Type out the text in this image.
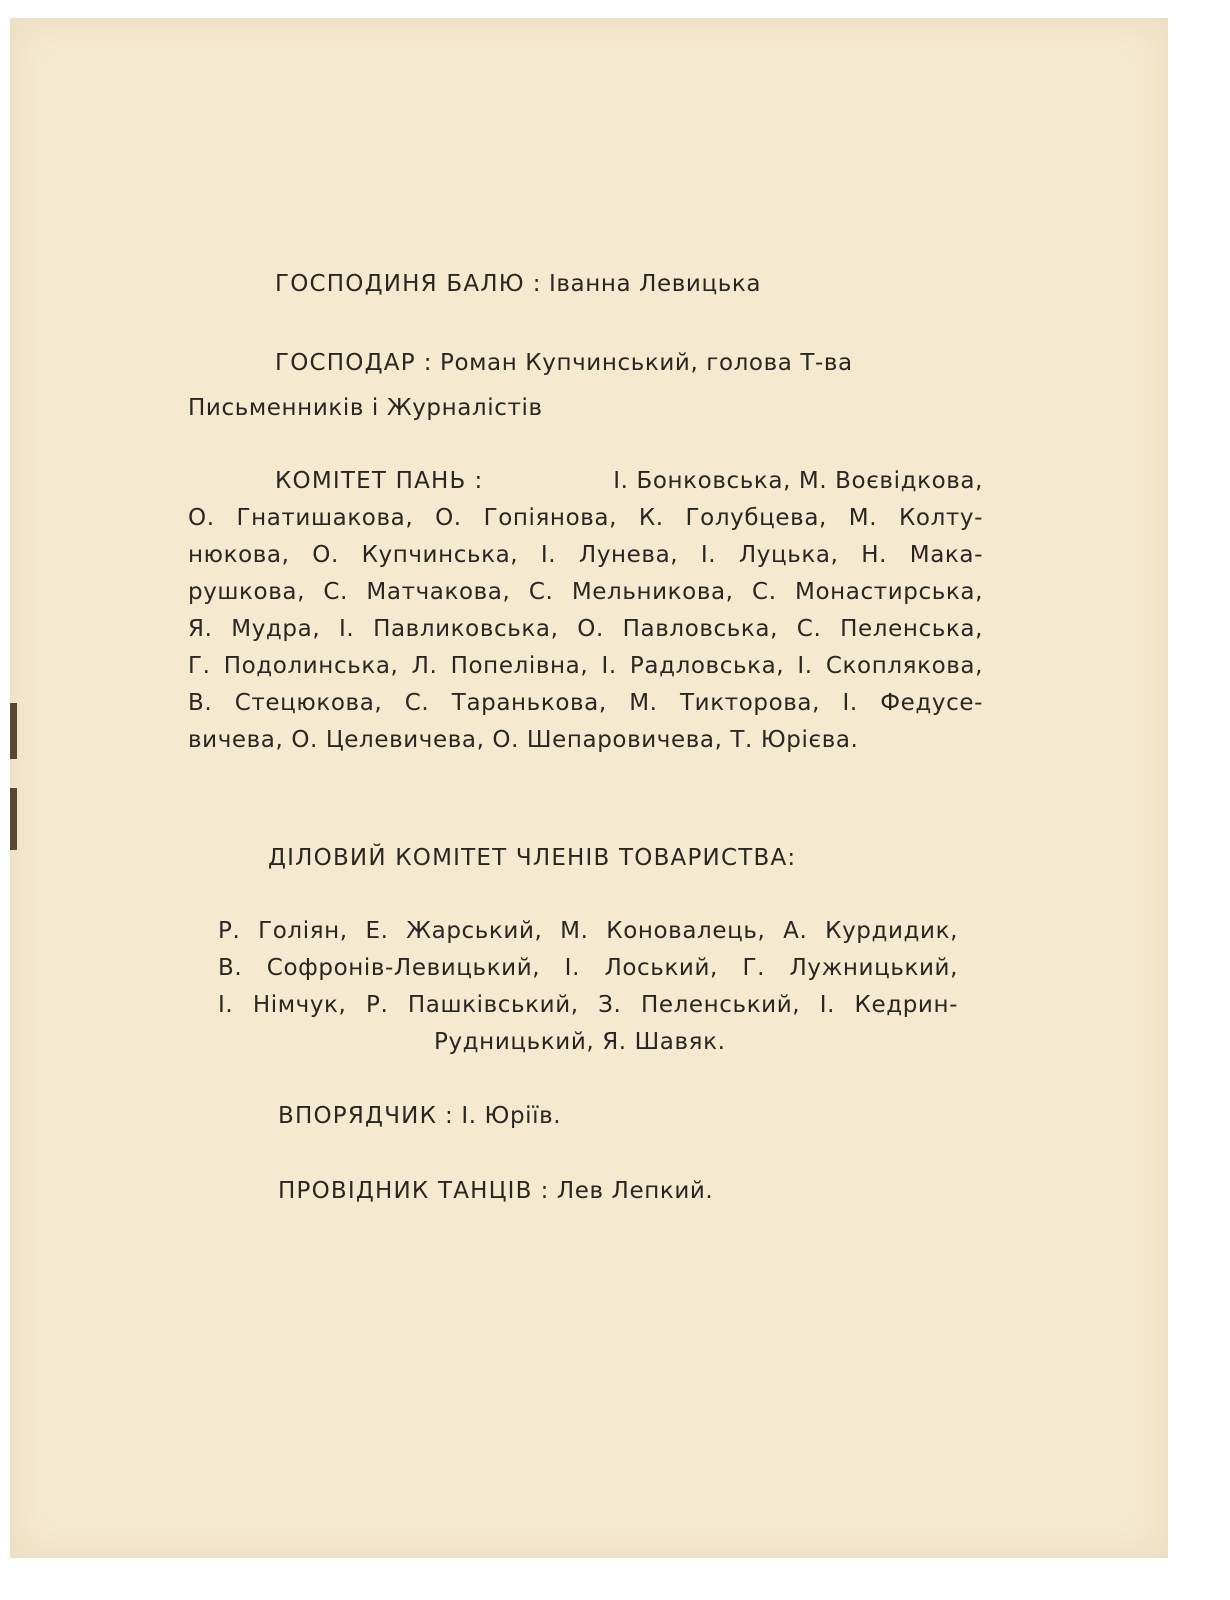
ГОСПОДИНЯ БАЛЮ : Іванна Левицька
ГОСПОДАР : Роман Купчинський, голова Т-ва
Письменників і Журналістів
КОМІТЕТ ПАНЬ :	І. Бонковська, М. Воєвідкова,
О. Гнатишакова, О. Гопіянова, К. Голубцева, М. Колту-
нюкова, О. Купчинська, І. Лунева, І. Луцька, Н. Мака-
рушкова, С. Матчакова, С. Мельникова, С. Монастирська,
Я. Мудра, І. Павликовська, О. Павловська, С. Пеленська,
Г. Подолинська, Л. Попелівна, І. Радловська, І. Скоплякова,
В. Стецюкова, С. Таранькова, М. Тикторова, І. Федусе-
вичева, О. Целевичева, О. Шепаровичева, Т. Юрієва.
ДІЛОВИЙ КОМІТЕТ ЧЛЕНІВ ТОВАРИСТВА:
Р. Голіян, Е. Жарський, М. Коновалець, А. Курдидик,
В. Софронів-Левицький, І. Лоський, Г. Лужницький,
І. Німчук, Р. Пашківський, З. Пеленський, І. Кедрин-
Рудницький, Я. Шавяк.
ВПОРЯДЧИК : І. Юріїв.
ПРОВІДНИК ТАНЦІВ : Лев Лепкий.
